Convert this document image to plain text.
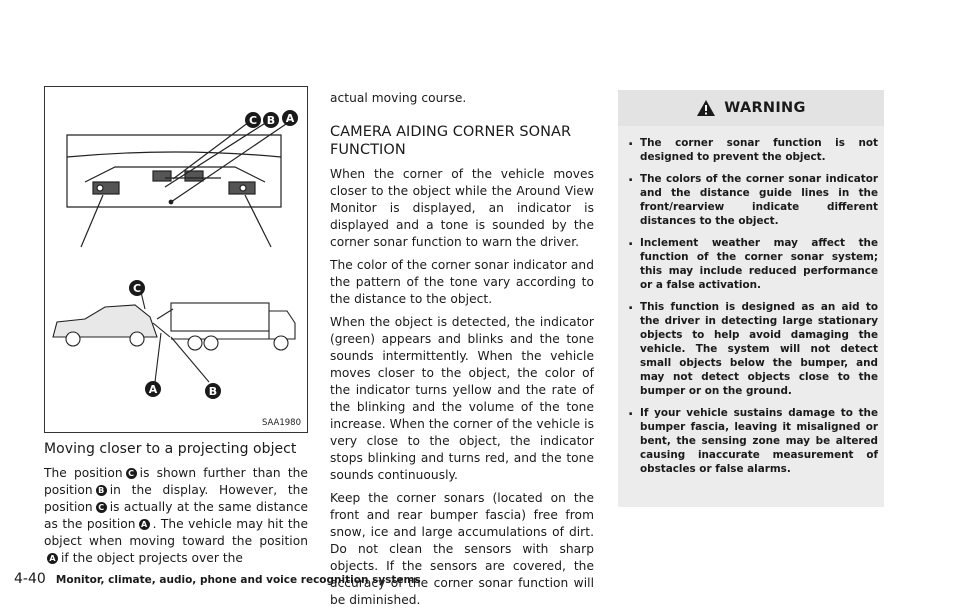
C B A
C
A	B
SAA1980
Moving closer to a projecting object

The position C is shown further than the position B in the display. However, the position C is actually at the same distance as the position A . The vehicle may hit the object when moving toward the positionA if the object projects over the

actual moving course.

CAMERA AIDING CORNER SONAR FUNCTION

When the corner of the vehicle moves closer to the object while the Around View Monitor is displayed, an indicator is displayed and a tone is sounded by the corner sonar function to warn the driver.

The color of the corner sonar indicator and the pattern of the tone vary according to the distance to the object.

When the object is detected, the indicator (green) appears and blinks and the tone sounds intermittently. When the vehicle moves closer to the object, the color of the indicator turns yellow and the rate of the blinking and the volume of the tone increase. When the corner of the vehicle is very close to the object, the indicator stops blinking and turns red, and the tone sounds continuously.

Keep the corner sonars (located on the front and rear bumper fascia) free from snow, ice and large accumulations of dirt. Do not clean the sensors with sharp objects. If the sensors are covered, the accuracy of the corner sonar function will be diminished.

WARNING
. The corner sonar function is not designed to prevent the object.
. The colors of the corner sonar indicator and the distance guide lines in the front/rearview indicate different distances to the object.
. Inclement weather may affect the function of the corner sonar system; this may include reduced performance or a false activation.
. This function is designed as an aid to the driver in detecting large stationary objects to help avoid damaging the vehicle. The system will not detect small objects below the bumper, and may not detect objects close to the bumper or on the ground.
. If your vehicle sustains damage to the bumper fascia, leaving it misaligned or bent, the sensing zone may be altered causing inaccurate measurement of obstacles or false alarms.
4-40 Monitor, climate, audio, phone and voice recognition systems
